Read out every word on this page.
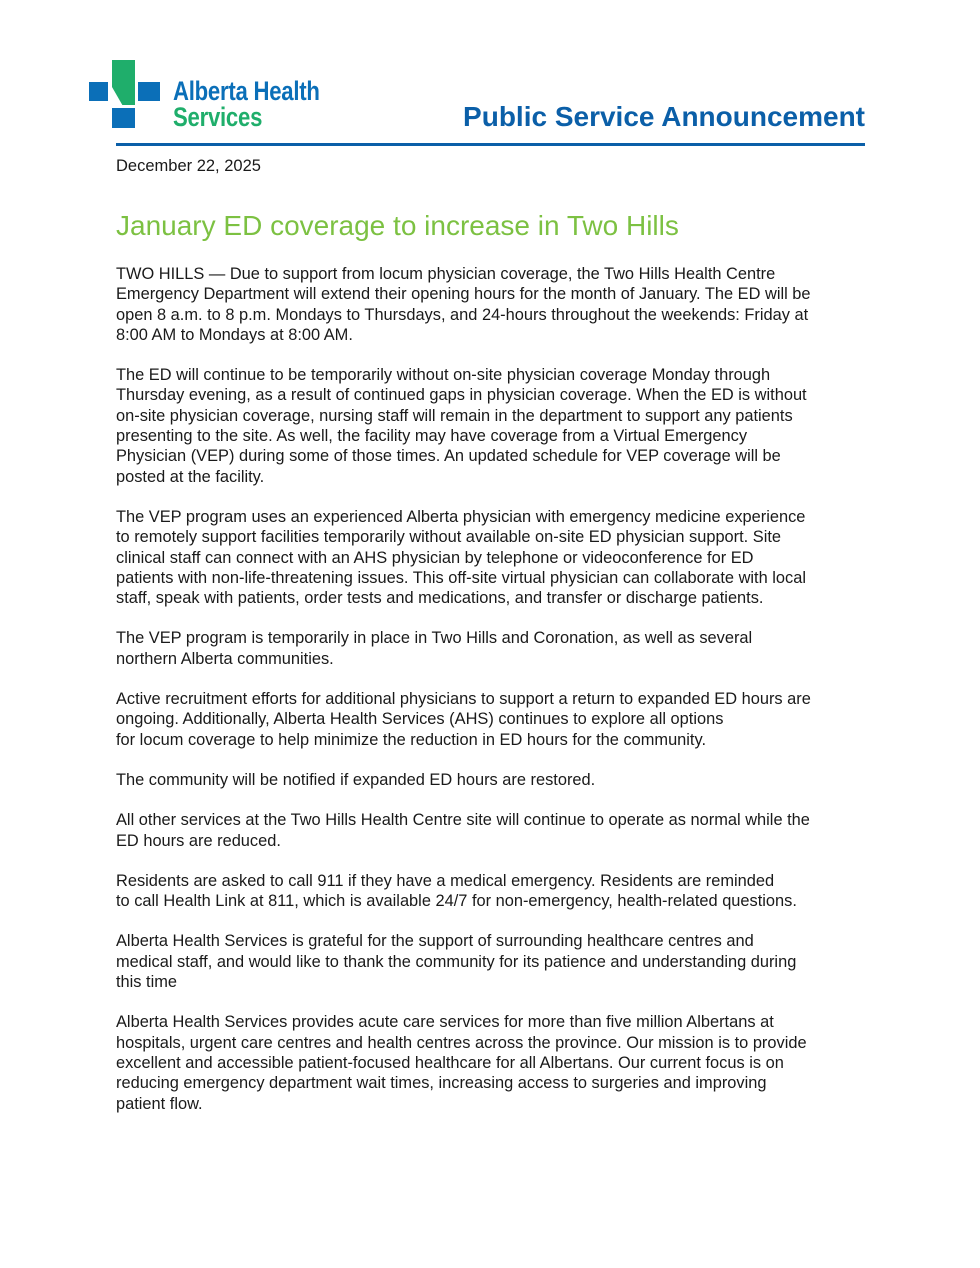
Alberta Health
Services	Public Service Announcement
December 22, 2025
January ED coverage to increase in Two Hills

TWO HILLS — Due to support from locum physician coverage, the Two Hills Health Centre
Emergency Department will extend their opening hours for the month of January. The ED will be
open 8 a.m. to 8 p.m. Mondays to Thursdays, and 24-hours throughout the weekends: Friday at
8:00 AM to Mondays at 8:00 AM.

The ED will continue to be temporarily without on-site physician coverage Monday through
Thursday evening, as a result of continued gaps in physician coverage. When the ED is without
on-site physician coverage, nursing staff will remain in the department to support any patients
presenting to the site. As well, the facility may have coverage from a Virtual Emergency
Physician (VEP) during some of those times. An updated schedule for VEP coverage will be
posted at the facility.

The VEP program uses an experienced Alberta physician with emergency medicine experience
to remotely support facilities temporarily without available on-site ED physician support. Site
clinical staff can connect with an AHS physician by telephone or videoconference for ED
patients with non-life-threatening issues. This off-site virtual physician can collaborate with local
staff, speak with patients, order tests and medications, and transfer or discharge patients.

The VEP program is temporarily in place in Two Hills and Coronation, as well as several
northern Alberta communities.

Active recruitment efforts for additional physicians to support a return to expanded ED hours are
ongoing. Additionally, Alberta Health Services (AHS) continues to explore all options
for locum coverage to help minimize the reduction in ED hours for the community.

The community will be notified if expanded ED hours are restored.

All other services at the Two Hills Health Centre site will continue to operate as normal while the
ED hours are reduced.

Residents are asked to call 911 if they have a medical emergency. Residents are reminded
to call Health Link at 811, which is available 24/7 for non-emergency, health-related questions.

Alberta Health Services is grateful for the support of surrounding healthcare centres and
medical staff, and would like to thank the community for its patience and understanding during
this time

Alberta Health Services provides acute care services for more than five million Albertans at
hospitals, urgent care centres and health centres across the province. Our mission is to provide
excellent and accessible patient-focused healthcare for all Albertans. Our current focus is on
reducing emergency department wait times, increasing access to surgeries and improving
patient flow.
